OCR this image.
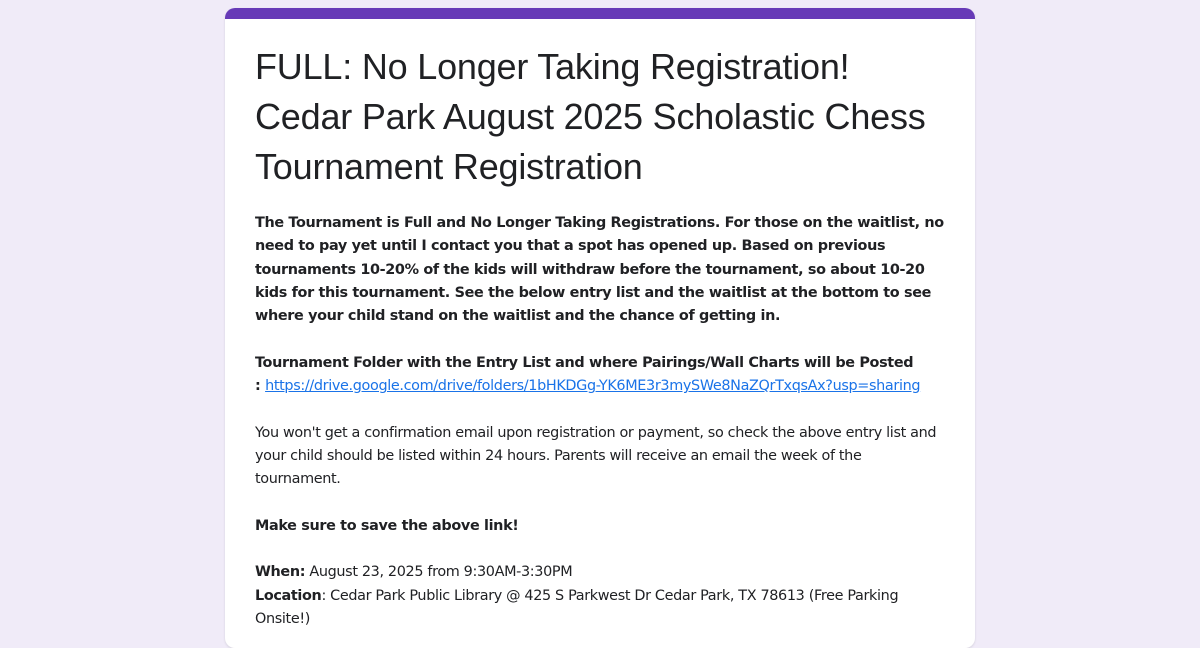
FULL: No Longer Taking Registration! Cedar Park August 2025 Scholastic Chess Tournament Registration

The Tournament is Full and No Longer Taking Registrations. For those on the waitlist, no need to pay yet until I contact you that a spot has opened up. Based on previous tournaments 10-20% of the kids will withdraw before the tournament, so about 10-20 kids for this tournament. See the below entry list and the waitlist at the bottom to see where your child stand on the waitlist and the chance of getting in.

Tournament Folder with the Entry List and where Pairings/Wall Charts will be Posted
: https://drive.google.com/drive/folders/1bHKDGg-YK6ME3r3mySWe8NaZQrTxqsAx?usp=sharing

You won't get a confirmation email upon registration or payment, so check the above entry list and your child should be listed within 24 hours. Parents will receive an email the week of the tournament.

Make sure to save the above link!

When: August 23, 2025 from 9:30AM-3:30PM

Location: Cedar Park Public Library @ 425 S Parkwest Dr Cedar Park, TX 78613 (Free Parking Onsite!)
